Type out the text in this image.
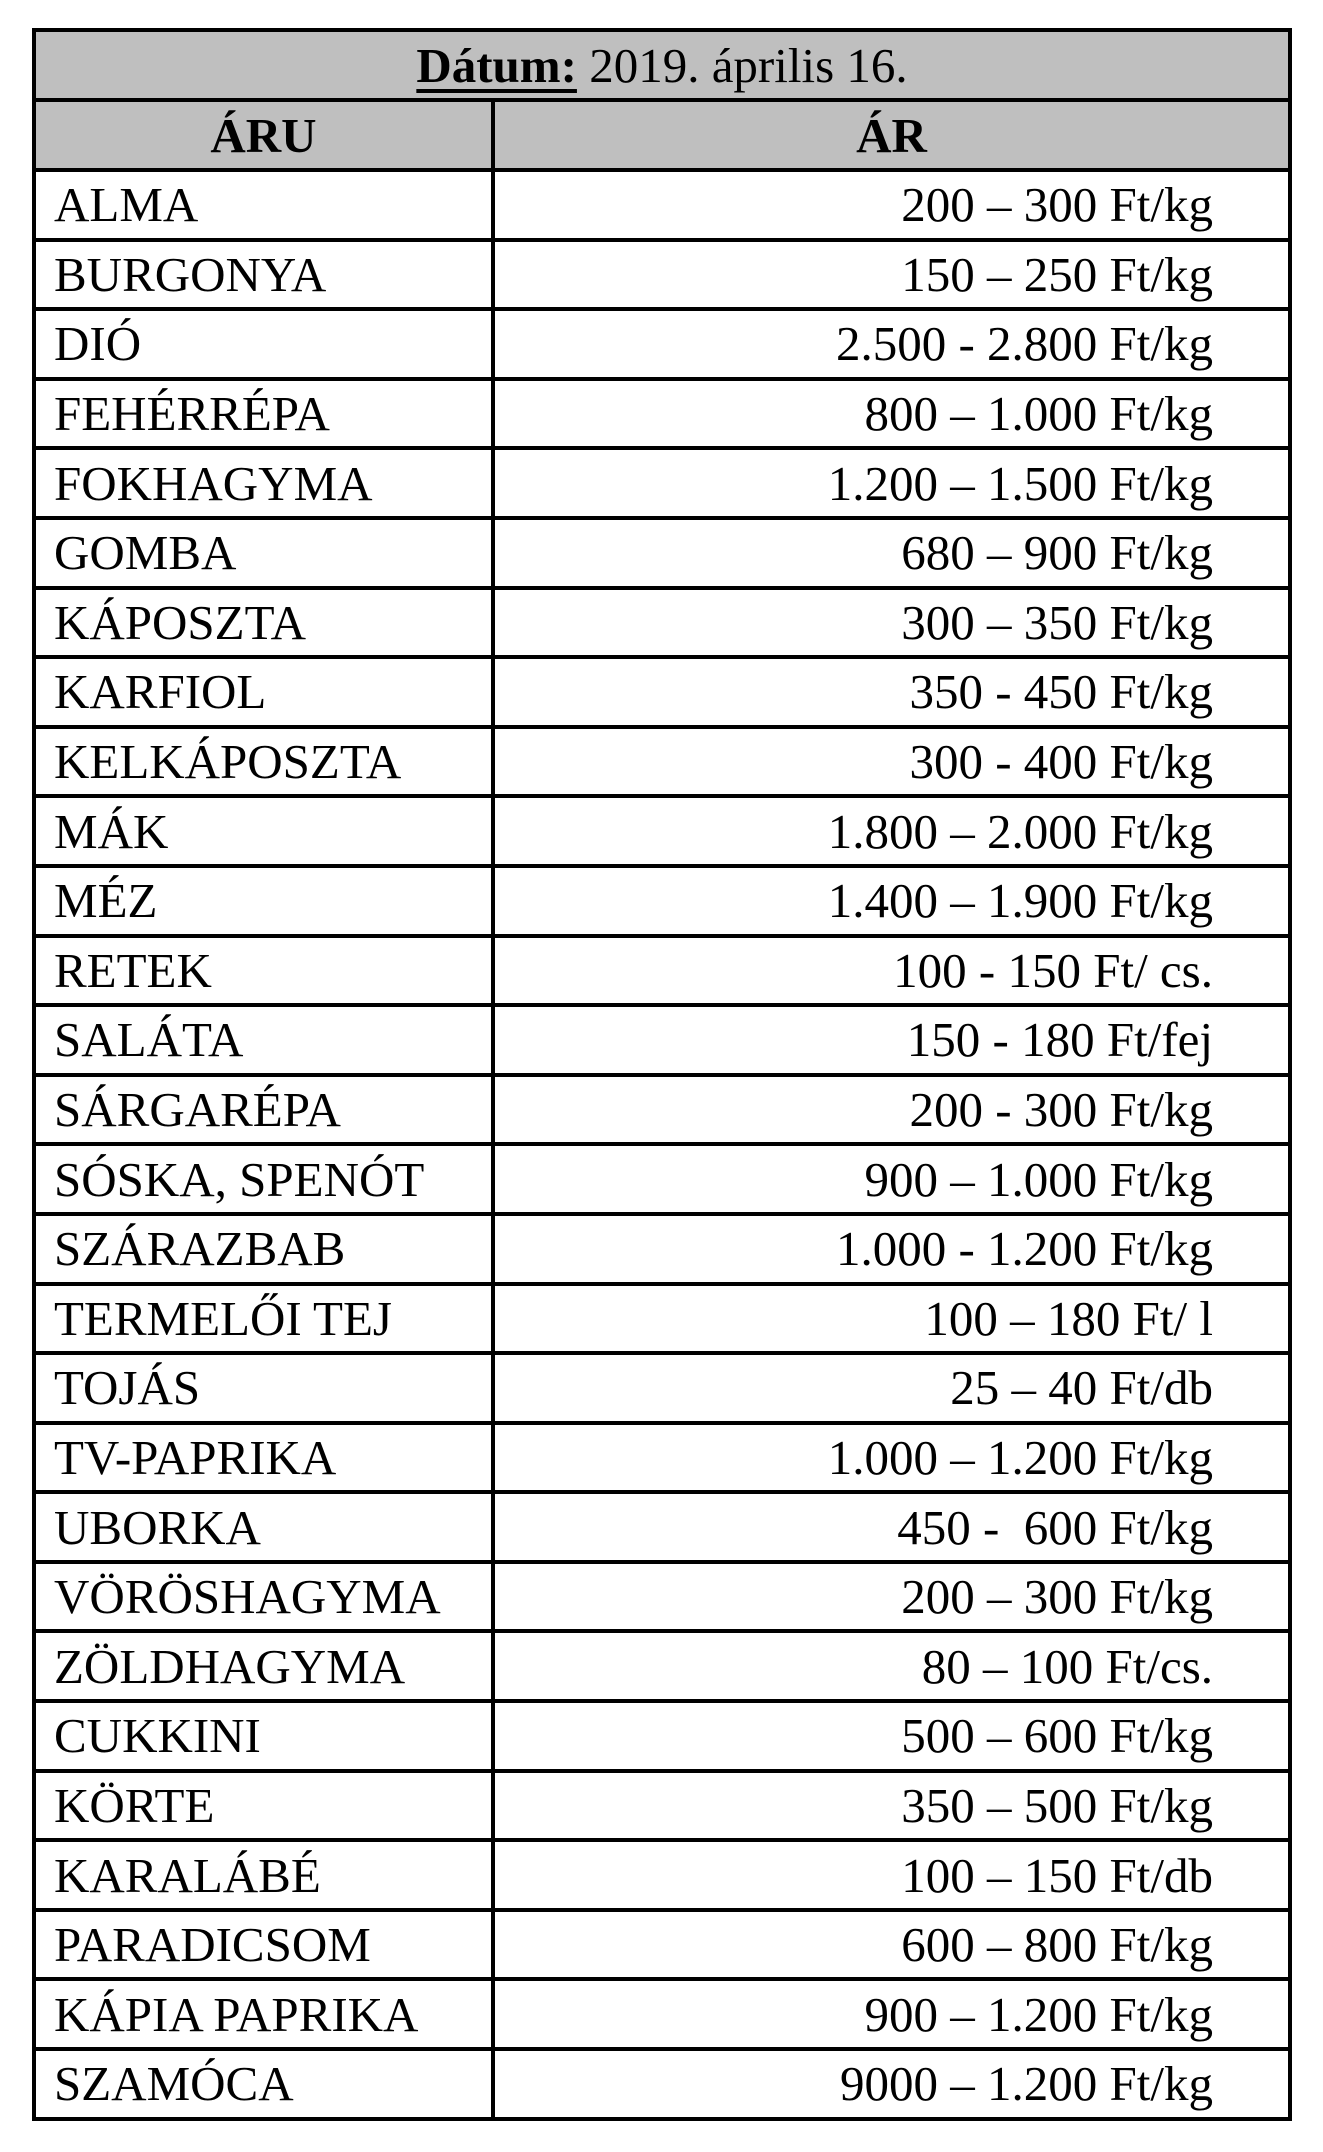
Dátum: 2019. április 16.	
ÁRU	ÁR
ALMA	200 – 300 Ft/kg
BURGONYA	150 – 250 Ft/kg
DIÓ	2.500 - 2.800 Ft/kg
FEHÉRRÉPA	800 – 1.000 Ft/kg
FOKHAGYMA	1.200 – 1.500 Ft/kg
GOMBA	680 – 900 Ft/kg
KÁPOSZTA	300 – 350 Ft/kg
KARFIOL	350 - 450 Ft/kg
KELKÁPOSZTA	300 - 400 Ft/kg
MÁK	1.800 – 2.000 Ft/kg
MÉZ	1.400 – 1.900 Ft/kg
RETEK	100 - 150 Ft/ cs.
SALÁTA	150 - 180 Ft/fej
SÁRGARÉPA	200 - 300 Ft/kg
SÓSKA, SPENÓT	900 – 1.000 Ft/kg
SZÁRAZBAB	1.000 - 1.200 Ft/kg
TERMELŐI TEJ	100 – 180 Ft/ l
TOJÁS	25 – 40 Ft/db
TV-PAPRIKA	1.000 – 1.200 Ft/kg
UBORKA	450 -  600 Ft/kg
VÖRÖSHAGYMA	200 – 300 Ft/kg
ZÖLDHAGYMA	80 – 100 Ft/cs.
CUKKINI	500 – 600 Ft/kg
KÖRTE	350 – 500 Ft/kg
KARALÁBÉ	100 – 150 Ft/db
PARADICSOM	600 – 800 Ft/kg
KÁPIA PAPRIKA	900 – 1.200 Ft/kg
SZAMÓCA	9000 – 1.200 Ft/kg
